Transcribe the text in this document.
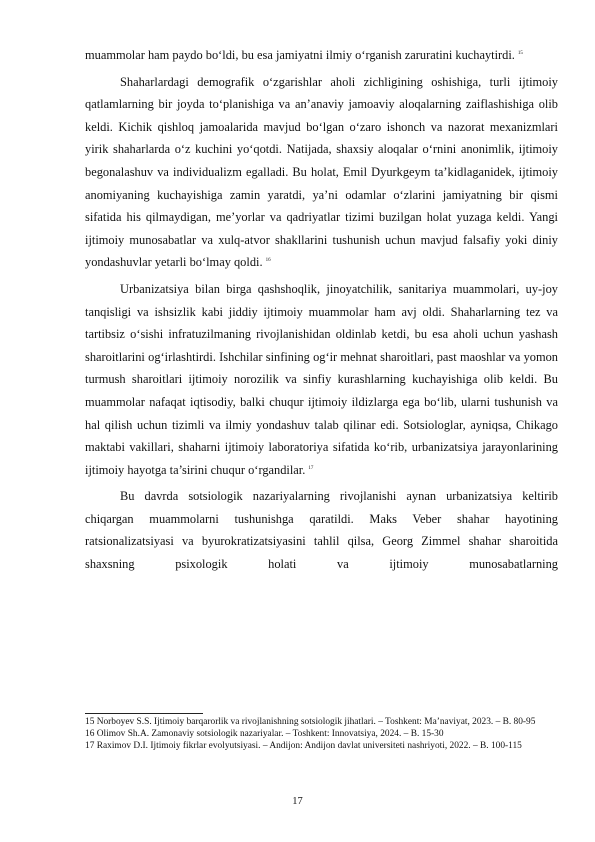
muammolar ham paydo bo‘ldi, bu esa jamiyatni ilmiy o‘rganish zaruratini kuchaytirdi. $^{15}$

Shaharlardagi demografik o‘zgarishlar aholi zichligining oshishiga, turli ijtimoiy qatlamlarning bir joyda to‘planishiga va an’anaviy jamoaviy aloqalarning zaiflashishiga olib keldi. Kichik qishloq jamoalarida mavjud bo‘lgan o‘zaro ishonch va nazorat mexanizmlari yirik shaharlarda o‘z kuchini yo‘qotdi. Natijada, shaxsiy aloqalar o‘rnini anonimlik, ijtimoiy begonalashuv va individualizm egalladi. Bu holat, Emil Dyurkgeym ta’kidlaganidek, ijtimoiy anomiyaning kuchayishiga zamin yaratdi, ya’ni odamlar o‘zlarini jamiyatning bir qismi sifatida his qilmaydigan, me’yorlar va qadriyatlar tizimi buzilgan holat yuzaga keldi. Yangi ijtimoiy munosabatlar va xulq-atvor shakllarini tushunish uchun mavjud falsafiy yoki diniy yondashuvlar yetarli bo‘lmay qoldi. $^{16}$

Urbanizatsiya bilan birga qashshoqlik, jinoyatchilik, sanitariya muammolari, uy-joy tanqisligi va ishsizlik kabi jiddiy ijtimoiy muammolar ham avj oldi. Shaharlarning tez va tartibsiz o‘sishi infratuzilmaning rivojlanishidan oldinlab ketdi, bu esa aholi uchun yashash sharoitlarini og‘irlashtirdi. Ishchilar sinfining og‘ir mehnat sharoitlari, past maoshlar va yomon turmush sharoitlari ijtimoiy norozilik va sinfiy kurashlarning kuchayishiga olib keldi. Bu muammolar nafaqat iqtisodiy, balki chuqur ijtimoiy ildizlarga ega bo‘lib, ularni tushunish va hal qilish uchun tizimli va ilmiy yondashuv talab qilinar edi. Sotsiologlar, ayniqsa, Chikago maktabi vakillari, shaharni ijtimoiy laboratoriya sifatida ko‘rib, urbanizatsiya jarayonlarining ijtimoiy hayotga ta’sirini chuqur o‘rgandilar. $^{17}$

Bu davrda sotsiologik nazariyalarning rivojlanishi aynan urbanizatsiya keltirib chiqargan muammolarni tushunishga qaratildi. Maks Veber shahar hayotining ratsionalizatsiyasi va byurokratizatsiyasini tahlil qilsa, Georg Zimmel shahar sharoitida shaxsning psixologik holati va ijtimoiy munosabatlarning

15 Norboyev S.S. Ijtimoiy barqarorlik va rivojlanishning sotsiologik jihatlari. – Toshkent: Ma’naviyat, 2023. – B. 80-95

16 Olimov Sh.A. Zamonaviy sotsiologik nazariyalar. – Toshkent: Innovatsiya, 2024. – B. 15-30

17 Raximov D.I. Ijtimoiy fikrlar evolyutsiyasi. – Andijon: Andijon davlat universiteti nashriyoti, 2022. – B. 100-115

17
